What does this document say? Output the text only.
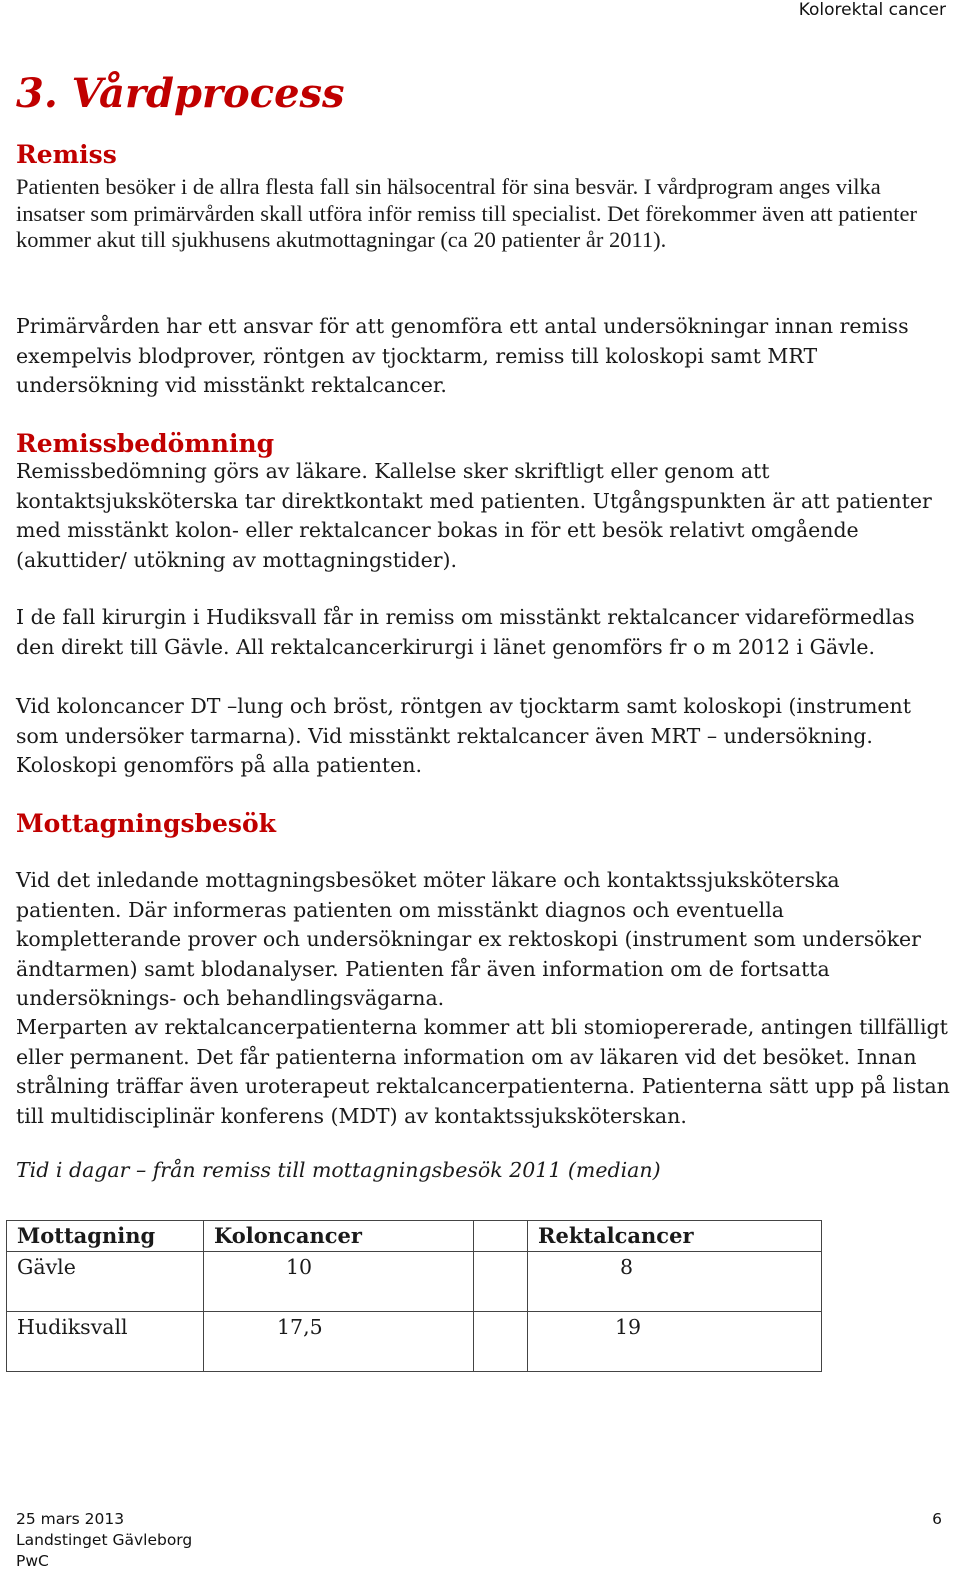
Kolorektal cancer
3. Vårdprocess
Remiss

Patienten besöker i de allra flesta fall sin hälsocentral för sina besvär. I vårdprogram anges vilka insatser som primärvården skall utföra inför remiss till specialist. Det förekommer även att patienter kommer akut till sjukhusens akutmottagningar (ca 20 patienter år 2011).

Primärvården har ett ansvar för att genomföra ett antal undersökningar innan remiss exempelvis blodprover, röntgen av tjocktarm, remiss till koloskopi samt MRT undersökning vid misstänkt rektalcancer.

Remissbedömning

Remissbedömning görs av läkare. Kallelse sker skriftligt eller genom att kontaktsjuksköterska tar direktkontakt med patienten. Utgångspunkten är att patienter med misstänkt kolon- eller rektalcancer bokas in för ett besök relativt omgående (akuttider/ utökning av mottagningstider).

I de fall kirurgin i Hudiksvall får in remiss om misstänkt rektalcancer vidareförmedlas den direkt till Gävle. All rektalcancerkirurgi i länet genomförs fr o m 2012 i Gävle.

Vid koloncancer DT –lung och bröst, röntgen av tjocktarm samt koloskopi (instrument som undersöker tarmarna). Vid misstänkt rektalcancer även MRT – undersökning. Koloskopi genomförs på alla patienten.

Mottagningsbesök

Vid det inledande mottagningsbesöket möter läkare och kontaktssjuksköterska patienten. Där informeras patienten om misstänkt diagnos och eventuella kompletterande prover och undersökningar ex rektoskopi (instrument som undersöker ändtarmen) samt blodanalyser. Patienten får även information om de fortsatta undersöknings- och behandlingsvägarna.

Merparten av rektalcancerpatienterna kommer att bli stomiopererade, antingen tillfälligt eller permanent. Det får patienterna information om av läkaren vid det besöket. Innan strålning träffar även uroterapeut rektalcancerpatienterna. Patienterna sätt upp på listan till multidisciplinär konferens (MDT) av kontaktssjuksköterskan.

Tid i dagar – från remiss till mottagningsbesök 2011 (median)

Mottagning	Koloncancer		Rektalcancer
Gävle	10		8
Hudiksvall	17,5		19
25 mars 2013
Landstinget Gävleborg
PwC
6
